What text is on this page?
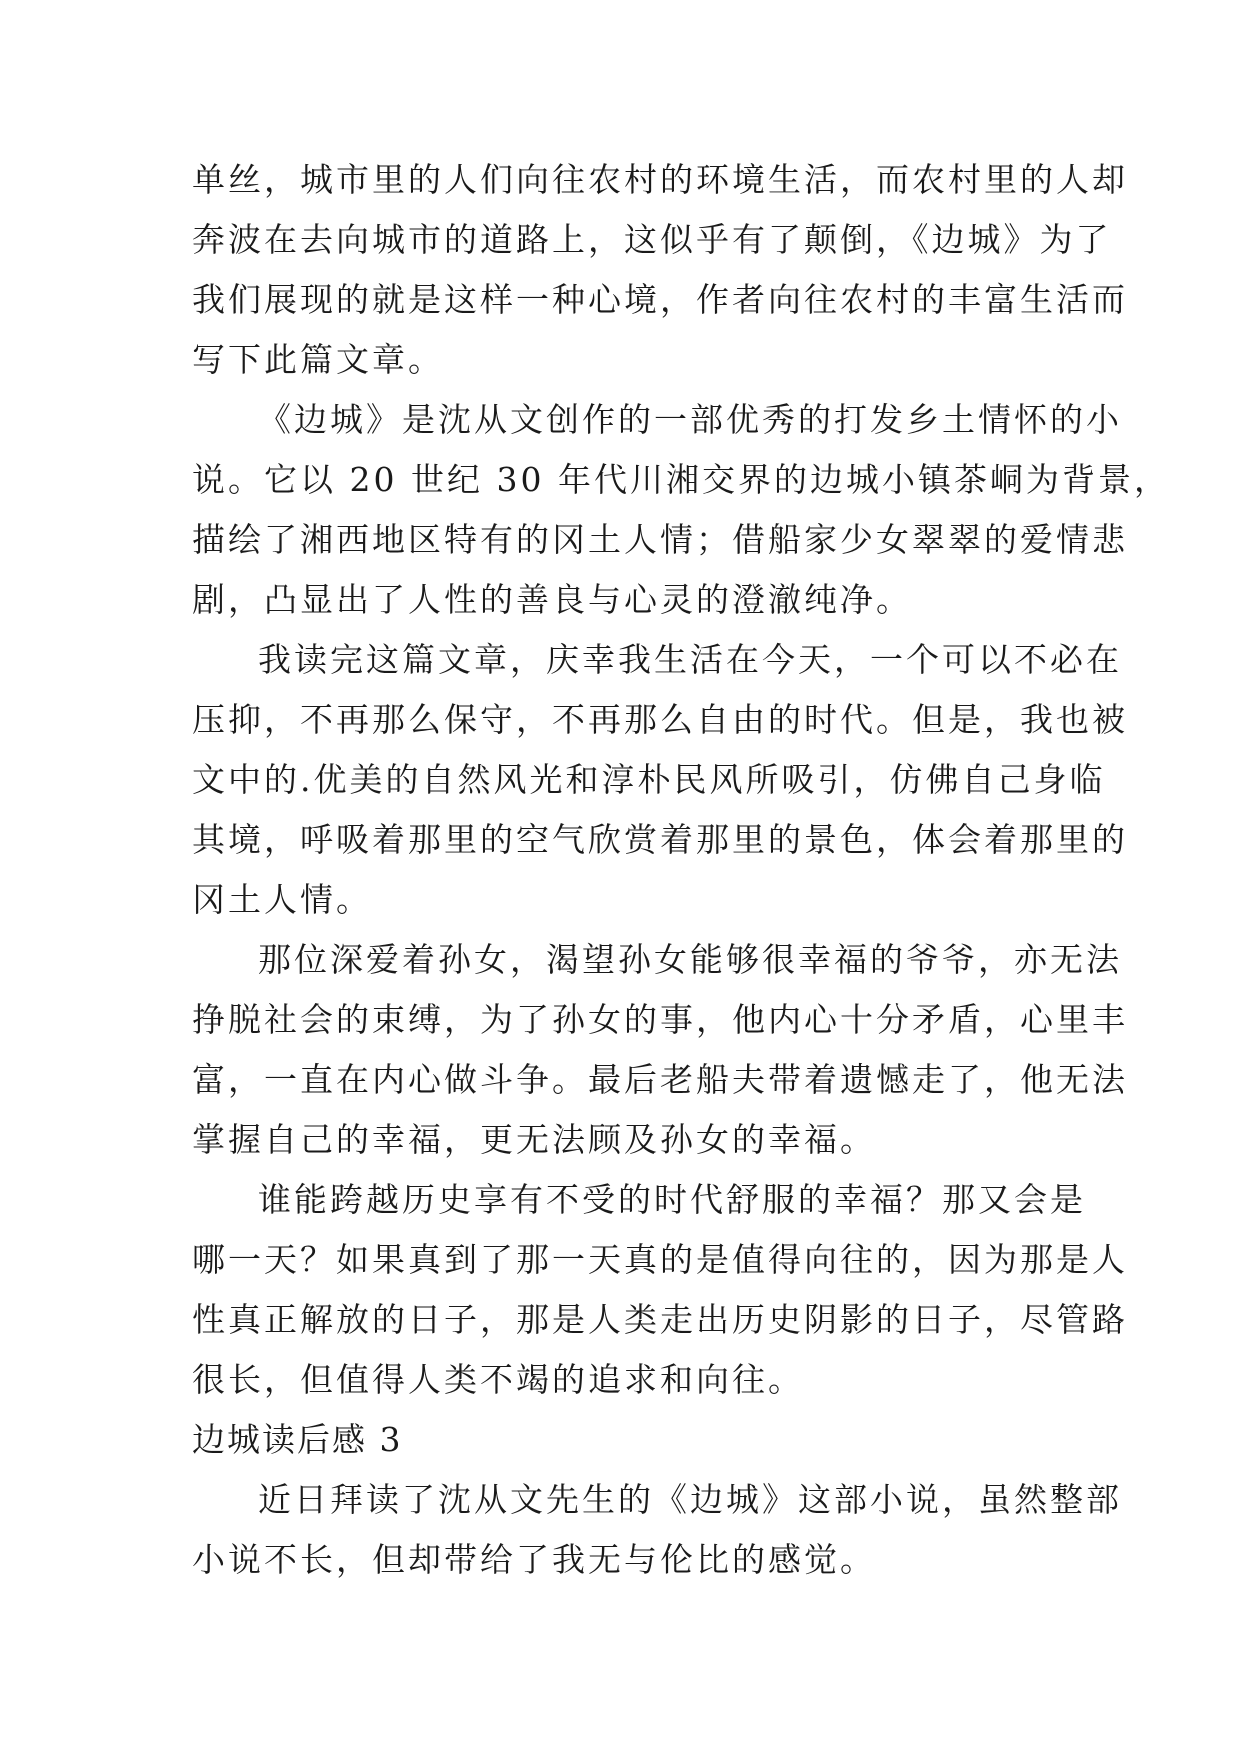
单丝，城市里的人们向往农村的环境生活，而农村里的人却
奔波在去向城市的道路上，这似乎有了颠倒，《边城》为了
我们展现的就是这样一种心境，作者向往农村的丰富生活而
写下此篇文章。
《边城》是沈从文创作的一部优秀的打发乡土情怀的小
说。它以 20 世纪 30 年代川湘交界的边城小镇茶峒为背景，
描绘了湘西地区特有的冈土人情；借船家少女翠翠的爱情悲
剧，凸显出了人性的善良与心灵的澄澈纯净。
我读完这篇文章，庆幸我生活在今天，一个可以不必在
压抑，不再那么保守，不再那么自由的时代。但是，我也被
文中的.优美的自然风光和淳朴民风所吸引，仿佛自己身临
其境，呼吸着那里的空气欣赏着那里的景色，体会着那里的
冈土人情。
那位深爱着孙女，渴望孙女能够很幸福的爷爷，亦无法
挣脱社会的束缚，为了孙女的事，他内心十分矛盾，心里丰
富，一直在内心做斗争。最后老船夫带着遗憾走了，他无法
掌握自己的幸福，更无法顾及孙女的幸福。
谁能跨越历史享有不受的时代舒服的幸福？那又会是
哪一天？如果真到了那一天真的是值得向往的，因为那是人
性真正解放的日子，那是人类走出历史阴影的日子，尽管路
很长，但值得人类不竭的追求和向往。
边城读后感 3
近日拜读了沈从文先生的《边城》这部小说，虽然整部
小说不长，但却带给了我无与伦比的感觉。
